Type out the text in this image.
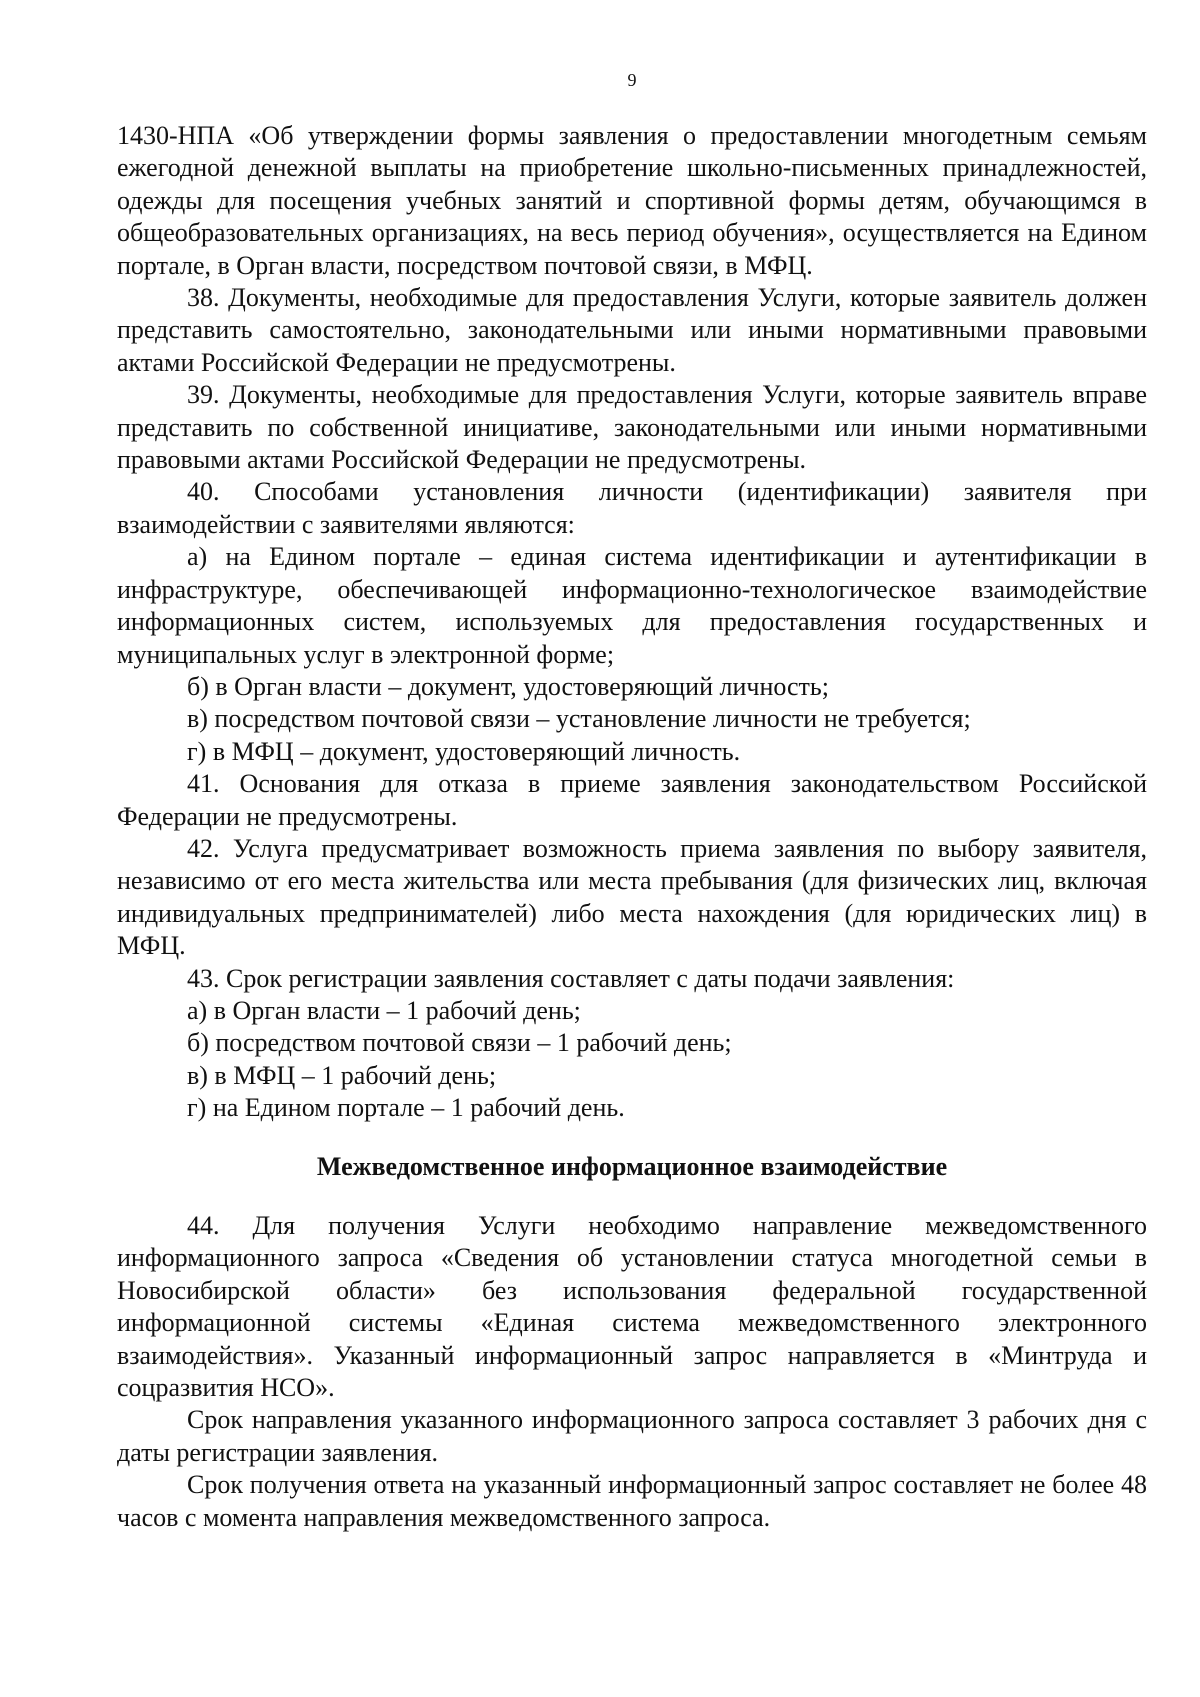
9

1430-НПА «Об утверждении формы заявления о предоставлении многодетным семьям ежегодной денежной выплаты на приобретение школьно-письменных принадлежностей, одежды для посещения учебных занятий и спортивной формы детям, обучающимся в общеобразовательных организациях, на весь период обучения», осуществляется на Едином портале, в Орган власти, посредством почтовой связи, в МФЦ.

38. Документы, необходимые для предоставления Услуги, которые заявитель должен представить самостоятельно, законодательными или иными нормативными правовыми актами Российской Федерации не предусмотрены.

39. Документы, необходимые для предоставления Услуги, которые заявитель вправе представить по собственной инициативе, законодательными или иными нормативными правовыми актами Российской Федерации не предусмотрены.

40. Способами установления личности (идентификации) заявителя при взаимодействии с заявителями являются:

а) на Едином портале – единая система идентификации и аутентификации в инфраструктуре, обеспечивающей информационно-технологическое взаимодействие информационных систем, используемых для предоставления государственных и муниципальных услуг в электронной форме;

б) в Орган власти – документ, удостоверяющий личность;

в) посредством почтовой связи – установление личности не требуется;

г) в МФЦ – документ, удостоверяющий личность.

41. Основания для отказа в приеме заявления законодательством Российской Федерации не предусмотрены.

42. Услуга предусматривает возможность приема заявления по выбору заявителя, независимо от его места жительства или места пребывания (для физических лиц, включая индивидуальных предпринимателей) либо места нахождения (для юридических лиц) в МФЦ.

43. Срок регистрации заявления составляет с даты подачи заявления:

а) в Орган власти – 1 рабочий день;

б) посредством почтовой связи – 1 рабочий день;

в) в МФЦ – 1 рабочий день;

г) на Едином портале – 1 рабочий день.

Межведомственное информационное взаимодействие

44. Для получения Услуги необходимо направление межведомственного информационного запроса «Сведения об установлении статуса многодетной семьи в Новосибирской области» без использования федеральной государственной информационной системы «Единая система межведомственного электронного взаимодействия». Указанный информационный запрос направляется в «Минтруда и соцразвития НСО».

Срок направления указанного информационного запроса составляет 3 рабочих дня с даты регистрации заявления.

Срок получения ответа на указанный информационный запрос составляет не более 48 часов с момента направления межведомственного запроса.
